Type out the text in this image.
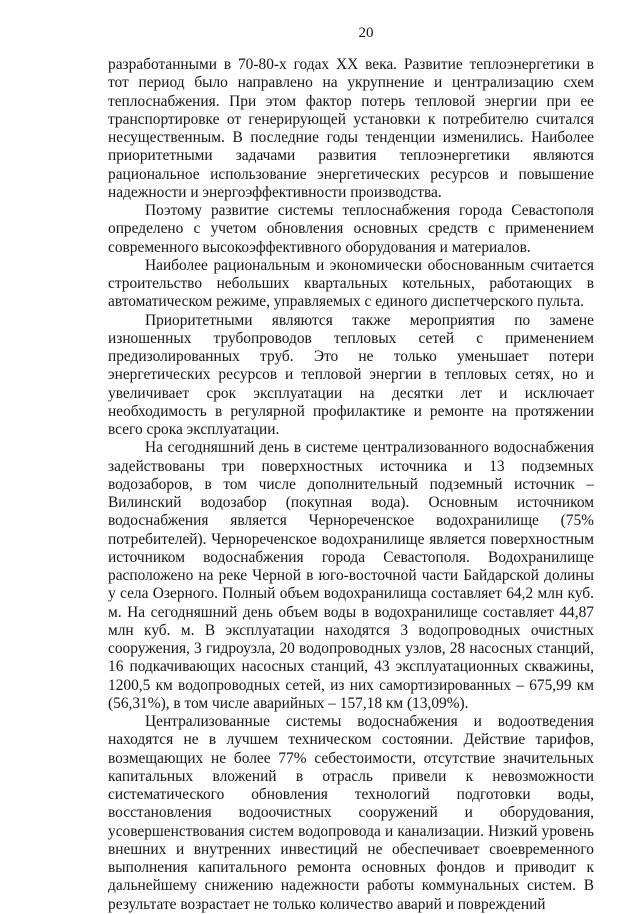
20

разработанными в 70-80-х годах XX века. Развитие теплоэнергетики в тот период было направлено на укрупнение и централизацию схем теплоснабжения. При этом фактор потерь тепловой энергии при ее транспортировке от генерирующей установки к потребителю считался несущественным. В последние годы тенденции изменились. Наиболее приоритетными задачами развития теплоэнергетики являются рациональное использование энергетических ресурсов и повышение надежности и энергоэффективности производства.

Поэтому развитие системы теплоснабжения города Севастополя определено с учетом обновления основных средств с применением современного высокоэффективного оборудования и материалов.

Наиболее рациональным и экономически обоснованным считается строительство небольших квартальных котельных, работающих в автоматическом режиме, управляемых с единого диспетчерского пульта.

Приоритетными являются также мероприятия по замене изношенных трубопроводов тепловых сетей с применением предизолированных труб. Это не только уменьшает потери энергетических ресурсов и тепловой энергии в тепловых сетях, но и увеличивает срок эксплуатации на десятки лет и исключает необходимость в регулярной профилактике и ремонте на протяжении всего срока эксплуатации.

На сегодняшний день в системе централизованного водоснабжения задействованы три поверхностных источника и 13 подземных водозаборов, в том числе дополнительный подземный источник – Вилинский водозабор (покупная вода). Основным источником водоснабжения является Чернореченское водохранилище (75% потребителей). Чернореченское водохранилище является поверхностным источником водоснабжения города Севастополя. Водохранилище расположено на реке Черной в юго-восточной части Байдарской долины у села Озерного. Полный объем водохранилища составляет 64,2 млн куб. м. На сегодняшний день объем воды в водохранилище составляет 44,87 млн куб. м. В эксплуатации находятся 3 водопроводных очистных сооружения, 3 гидроузла, 20 водопроводных узлов, 28 насосных станций, 16 подкачивающих насосных станций, 43 эксплуатационных скважины, 1200,5 км водопроводных сетей, из них самортизированных – 675,99 км (56,31%), в том числе аварийных – 157,18 км (13,09%).

Централизованные системы водоснабжения и водоотведения находятся не в лучшем техническом состоянии. Действие тарифов, возмещающих не более 77% себестоимости, отсутствие значительных капитальных вложений в отрасль привели к невозможности систематического обновления технологий подготовки воды, восстановления водоочистных сооружений и оборудования, усовершенствования систем водопровода и канализации. Низкий уровень внешних и внутренних инвестиций не обеспечивает своевременного выполнения капитального ремонта основных фондов и приводит к дальнейшему снижению надежности работы коммунальных систем. В результате возрастает не только количество аварий и повреждений
